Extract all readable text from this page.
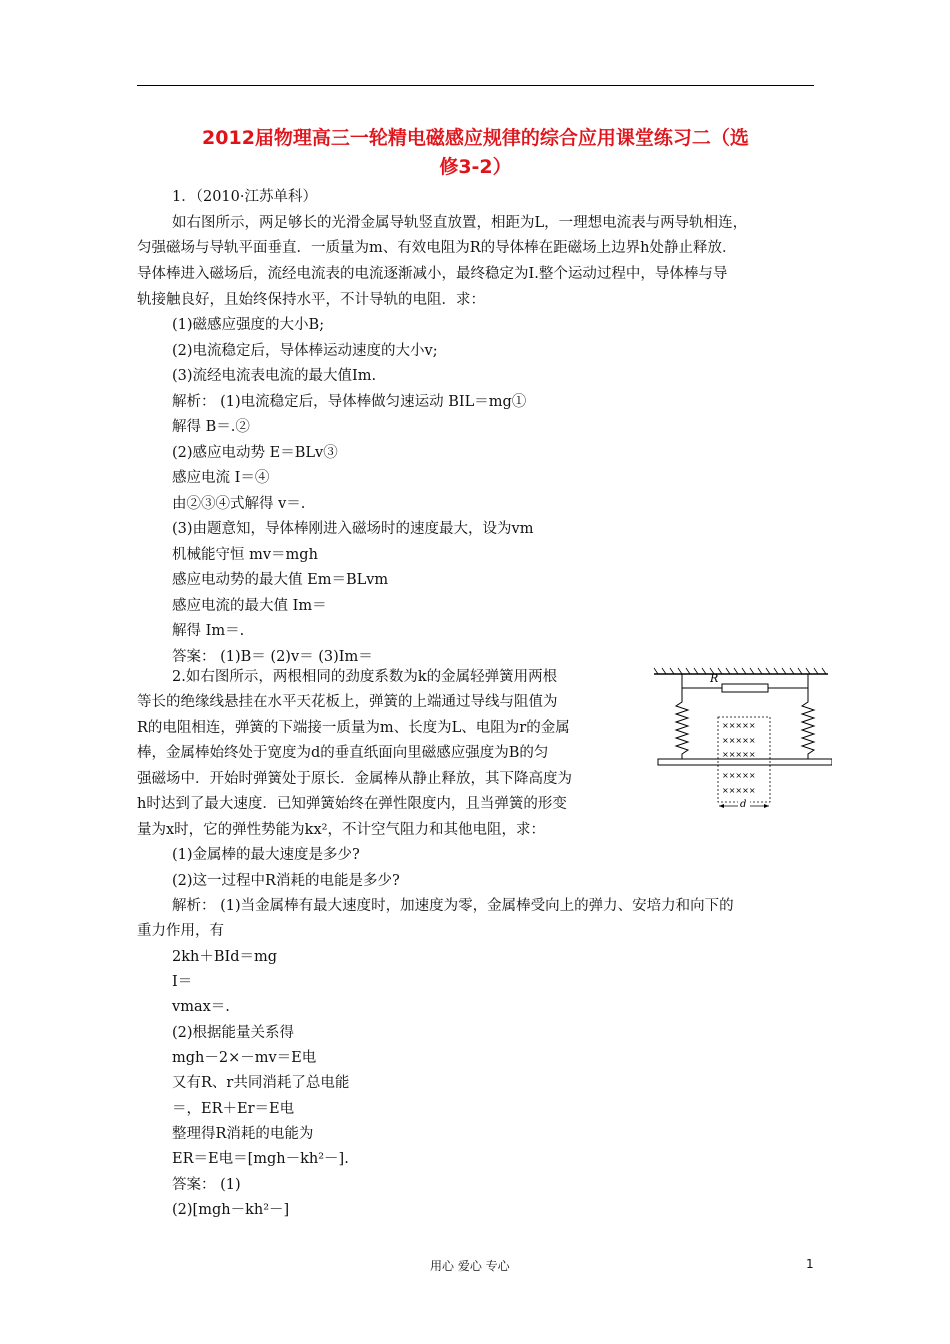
2012届物理高三一轮精电磁感应规律的综合应用课堂练习二（选
修3-2）
1．（2010·江苏单科）
如右图所示，两足够长的光滑金属导轨竖直放置，相距为L，一理想电流表与两导轨相连，
匀强磁场与导轨平面垂直．一质量为m、有效电阻为R的导体棒在距磁场上边界h处静止释放．
导体棒进入磁场后，流经电流表的电流逐渐减小，最终稳定为I.整个运动过程中，导体棒与导
轨接触良好，且始终保持水平，不计导轨的电阻．求：
(1)磁感应强度的大小B;
(2)电流稳定后，导体棒运动速度的大小v;
(3)流经电流表电流的最大值Im.
解析： (1)电流稳定后，导体棒做匀速运动 BIL＝mg①
解得 B＝.②
(2)感应电动势 E＝BLv③
感应电流 I＝④
由②③④式解得 v＝.
(3)由题意知，导体棒刚进入磁场时的速度最大，设为vm
机械能守恒 mv＝mgh
感应电动势的最大值 Em＝BLvm
感应电流的最大值 Im＝
解得 Im＝.
答案： (1)B＝ (2)v＝ (3)Im＝
2.如右图所示，两根相同的劲度系数为k的金属轻弹簧用两根
等长的绝缘线悬挂在水平天花板上，弹簧的上端通过导线与阻值为
R的电阻相连，弹簧的下端接一质量为m、长度为L、电阻为r的金属
棒，金属棒始终处于宽度为d的垂直纸面向里磁感应强度为B的匀
强磁场中．开始时弹簧处于原长．金属棒从静止释放，其下降高度为
h时达到了最大速度．已知弹簧始终在弹性限度内，且当弹簧的形变
量为x时，它的弹性势能为kx²，不计空气阻力和其他电阻，求：
(1)金属棒的最大速度是多少?
(2)这一过程中R消耗的电能是多少?
解析： (1)当金属棒有最大速度时，加速度为零，金属棒受向上的弹力、安培力和向下的
重力作用，有
2kh＋BId＝mg
I＝
vmax＝.
(2)根据能量关系得
mgh－2×－mv＝E电
又有R、r共同消耗了总电能
＝，ER＋Er＝E电
整理得R消耗的电能为
ER＝E电＝[mgh－kh²－].
答案： (1)
(2)[mgh－kh²－]
R
×××××
×××××
×××××
×××××
×××××
d
用心 爱心 专心	1
